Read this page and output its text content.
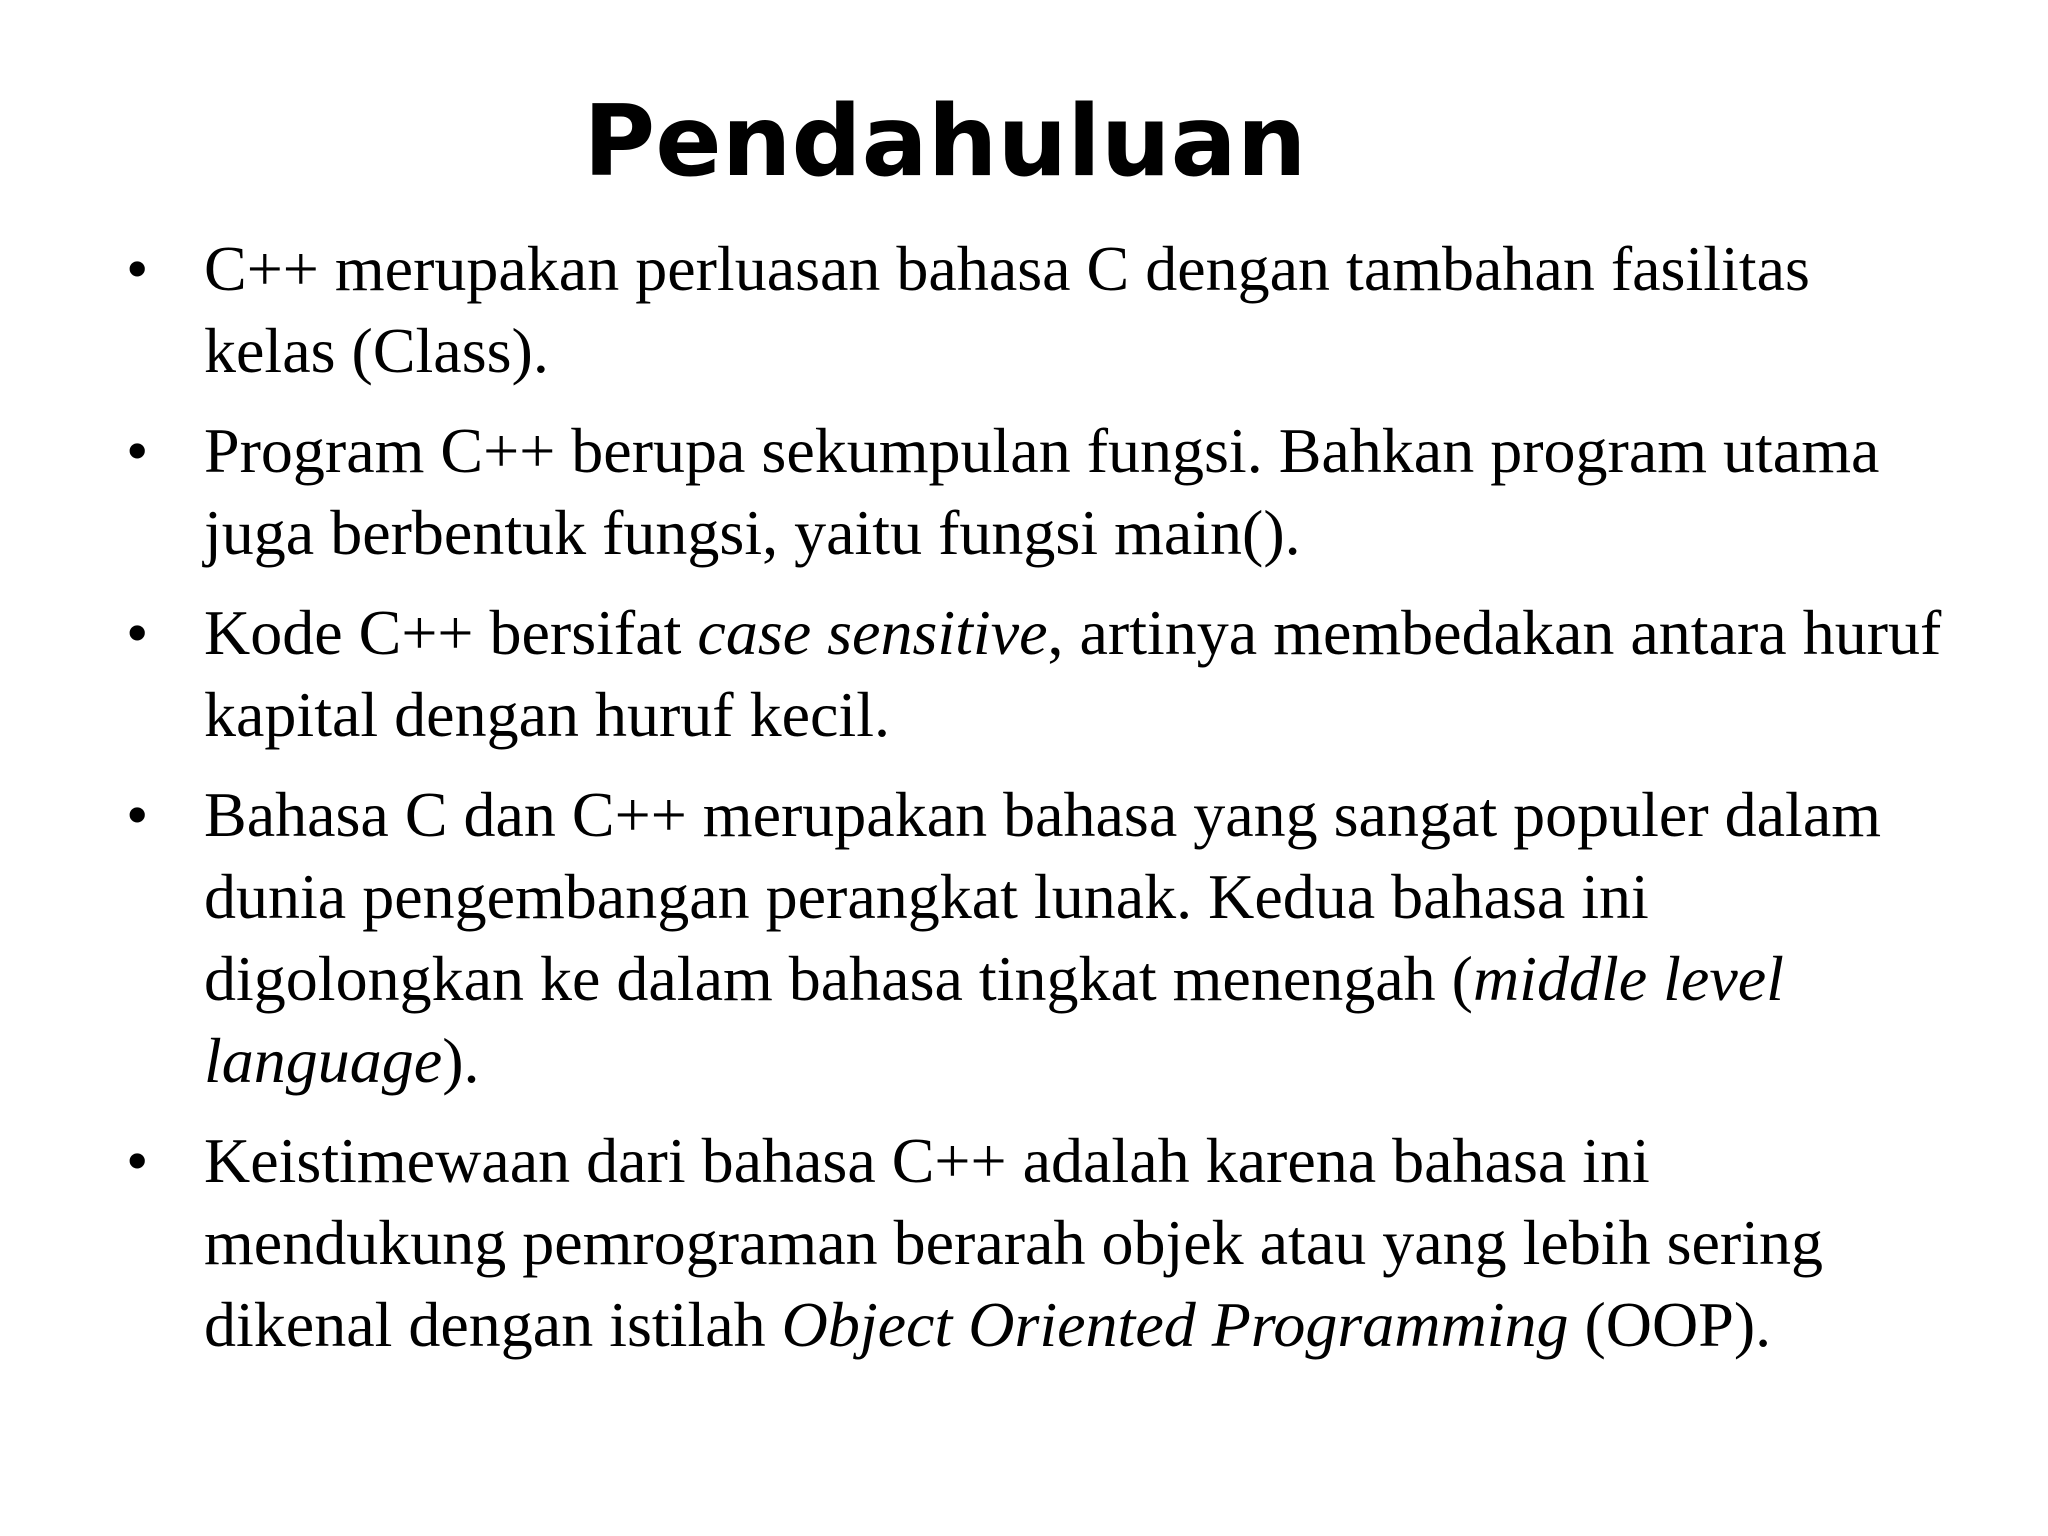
Pendahuluan
• C++ merupakan perluasan bahasa C dengan tambahan fasilitas kelas (Class).
• Program C++ berupa sekumpulan fungsi. Bahkan program utama juga berbentuk fungsi, yaitu fungsi main().
• Kode C++ bersifat case sensitive, artinya membedakan antara huruf kapital dengan huruf kecil.
• Bahasa C dan C++ merupakan bahasa yang sangat populer dalam dunia pengembangan perangkat lunak. Kedua bahasa ini digolongkan ke dalam bahasa tingkat menengah (middle level language).
• Keistimewaan dari bahasa C++ adalah karena bahasa ini mendukung pemrograman berarah objek atau yang lebih sering dikenal dengan istilah Object Oriented Programming (OOP).
